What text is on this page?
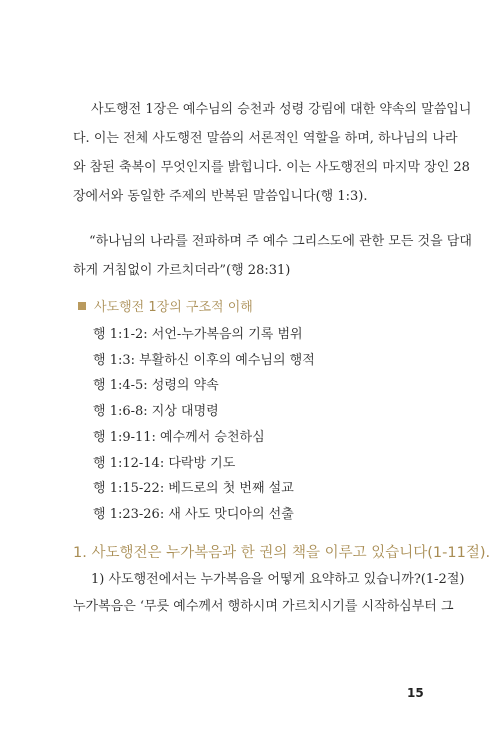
사도행전 1장은 예수님의 승천과 성령 강림에 대한 약속의 말씀입니
다. 이는 전체 사도행전 말씀의 서론적인 역할을 하며, 하나님의 나라
와 참된 축복이 무엇인지를 밝힙니다. 이는 사도행전의 마지막 장인 28
장에서와 동일한 주제의 반복된 말씀입니다(행 1:3).

“하나님의 나라를 전파하며 주 예수 그리스도에 관한 모든 것을 담대
하게 거침없이 가르치더라”(행 28:31)

사도행전 1장의 구조적 이해
행 1:1-2: 서언-누가복음의 기록 범위
행 1:3: 부활하신 이후의 예수님의 행적
행 1:4-5: 성령의 약속
행 1:6-8: 지상 대명령
행 1:9-11: 예수께서 승천하심
행 1:12-14: 다락방 기도
행 1:15-22: 베드로의 첫 번째 설교
행 1:23-26: 새 사도 맛디아의 선출
1. 사도행전은 누가복음과 한 권의 책을 이루고 있습니다(1-11절).
1) 사도행전에서는 누가복음을 어떻게 요약하고 있습니까?(1-2절)
누가복음은 ‘무릇 예수께서 행하시며 가르치시기를 시작하심부터 그
15
